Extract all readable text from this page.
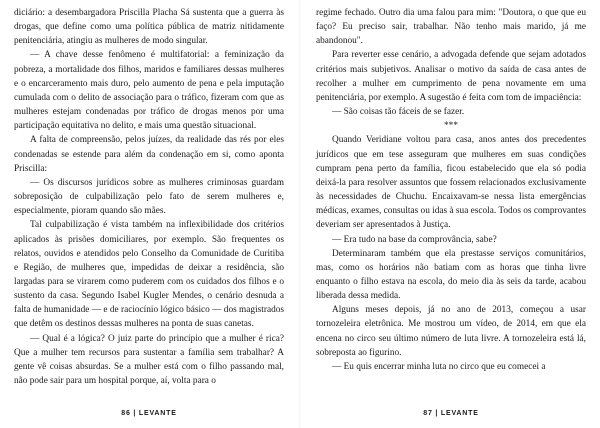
diciário: a desembargadora Priscilla Placha Sá sustenta que a guerra às drogas, que define como uma política pública de matriz nitidamente penitenciária, atingiu as mulheres de modo singular.

— A chave desse fenômeno é multifatorial: a feminização da pobreza, a mortalidade dos filhos, maridos e familiares dessas mulheres e o encarceramento mais duro, pelo aumento de pena e pela imputação cumulada com o delito de associação para o tráfico, fizeram com que as mulheres estejam condenadas por tráfico de drogas menos por uma participação equitativa no delito, e mais uma questão situacional.

A falta de compreensão, pelos juízes, da realidade das rés por eles condenadas se estende para além da condenação em si, como aponta Priscilla:

— Os discursos jurídicos sobre as mulheres criminosas guardam sobreposição de culpabilização pelo fato de serem mulheres e, especialmente, pioram quando são mães.

Tal culpabilização é vista também na inflexibilidade dos critérios aplicados às prisões domiciliares, por exemplo. São frequentes os relatos, ouvidos e atendidos pelo Conselho da Comunidade de Curitiba e Região, de mulheres que, impedidas de deixar a residência, são largadas para se virarem como puderem com os cuidados dos filhos e o sustento da casa. Segundo Isabel Kugler Mendes, o cenário desnuda a falta de humanidade — e de raciocínio lógico básico — dos magistrados que detêm os destinos dessas mulheres na ponta de suas canetas.

— Qual é a lógica? O juiz parte do princípio que a mulher é rica? Que a mulher tem recursos para sustentar a família sem trabalhar? A gente vê coisas absurdas. Se a mulher está com o filho passando mal, não pode sair para um hospital porque, aí, volta para o

86 | LEVANTE

regime fechado. Outro dia uma falou para mim: "Doutora, o que que eu faço? Eu preciso sair, trabalhar. Não tenho mais marido, já me abandonou".

Para reverter esse cenário, a advogada defende que sejam adotados critérios mais subjetivos. Analisar o motivo da saída de casa antes de recolher a mulher em cumprimento de pena novamente em uma penitenciária, por exemplo. A sugestão é feita com tom de impaciência:

— São coisas tão fáceis de se fazer.

***

Quando Veridiane voltou para casa, anos antes dos precedentes jurídicos que em tese asseguram que mulheres em suas condições cumpram pena perto da família, ficou estabelecido que ela só podia deixá-la para resolver assuntos que fossem relacionados exclusivamente às necessidades de Chuchu. Encaixavam-se nessa lista emergências médicas, exames, consultas ou idas à sua escola. Todos os comprovantes deveriam ser apresentados à Justiça.

— Era tudo na base da comprovância, sabe?

Determinaram também que ela prestasse serviços comunitários, mas, como os horários não batiam com as horas que tinha livre enquanto o filho estava na escola, do meio dia às seis da tarde, acabou liberada dessa medida.

Alguns meses depois, já no ano de 2013, começou a usar tornozeleira eletrônica. Me mostrou um vídeo, de 2014, em que ela encena no circo seu último número de luta livre. A tornozeleira está lá, sobreposta ao figurino.

— Eu quis encerrar minha luta no circo que eu comecei a

87 | LEVANTE
